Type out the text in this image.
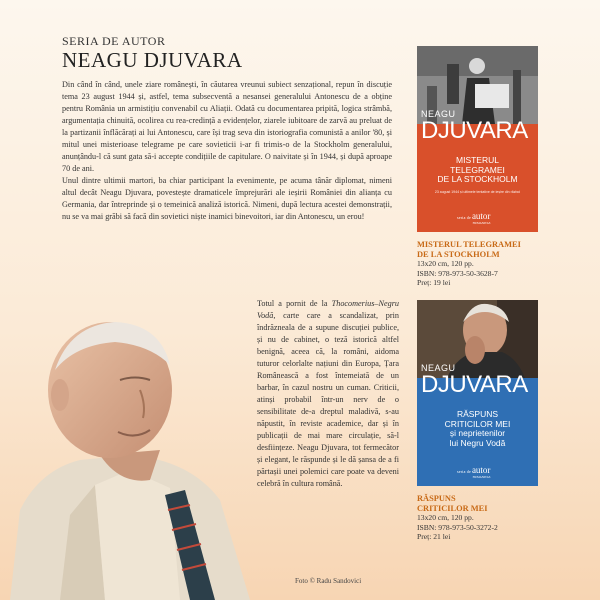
SERIA DE AUTOR
NEAGU DJUVARA

Din când în când, unele ziare românești, în căutarea vreunui subiect senzațional, repun în discuție tema 23 august 1944 și, astfel, tema subsecventă a nesansei generalului Antonescu de a obține pentru România un armistițiu convenabil cu Aliații. Odată cu documentarea pripită, logica strâmbă, argumentația chinuită, ocolirea cu rea-credință a evidențelor, ziarele iubitoare de zarvă au preluat de la partizanii înflăcărați ai lui Antonescu, care își trag seva din istoriografia comunistă a anilor '80, și mitul unei misterioase telegrame pe care sovieticii i-ar fi trimis-o de la Stockholm generalului, anunțându-l că sunt gata să-i accepte condițiile de capitulare. O naivitate și în 1944, și după aproape 70 de ani.

Unul dintre ultimii martori, ba chiar participant la evenimente, pe acuma tânăr diplomat, nimeni altul decât Neagu Djuvara, povestește dramaticele împrejurări ale ieșirii României din alianța cu Germania, dar întreprinde și o temeinică analiză istorică. Nimeni, după lectura acestei demonstrații, nu se va mai grăbi să facă din sovietici niște inamici binevoitori, iar din Antonescu, un erou!

Totul a pornit de la Thocomerius–Negru Vodă, carte care a scandalizat, prin îndrăzneala de a supune discuției publice, și nu de cabinet, o teză istorică altfel benignă, aceea că, la români, aidoma tuturor celorlalte națiuni din Europa, Țara Românească a fost întemeiată de un barbar, în cazul nostru un cuman. Criticii, atinși probabil într-un nerv de o sensibilitate de-a dreptul maladivă, s-au năpustit, în reviste academice, dar și în publicații de mai mare circulație, să-l desființeze. Neagu Djuvara, tot fermecător și elegant, le răspunde și le dă șansa de a fi părtașii unei polemici care poate va deveni celebră în cultura română.

Foto © Radu Sandovici
NEAGU
DJUVARA
MISTERUL
TELEGRAMEI
DE LA STOCKHOLM
23 august 1944 și ultimele tentative de ieșire din război
seria deautor
HUMANITAS
MISTERUL TELEGRAMEI
DE LA STOCKHOLM
13x20 cm, 120 pp.
ISBN: 978-973-50-3628-7
Preț: 19 lei
NEAGU
DJUVARA
RĂSPUNS
CRITICILOR MEI
și neprietenilor
lui Negru Vodă
seria deautor
HUMANITAS
RĂSPUNS
CRITICILOR MEI
13x20 cm, 120 pp.
ISBN: 978-973-50-3272-2
Preț: 21 lei
